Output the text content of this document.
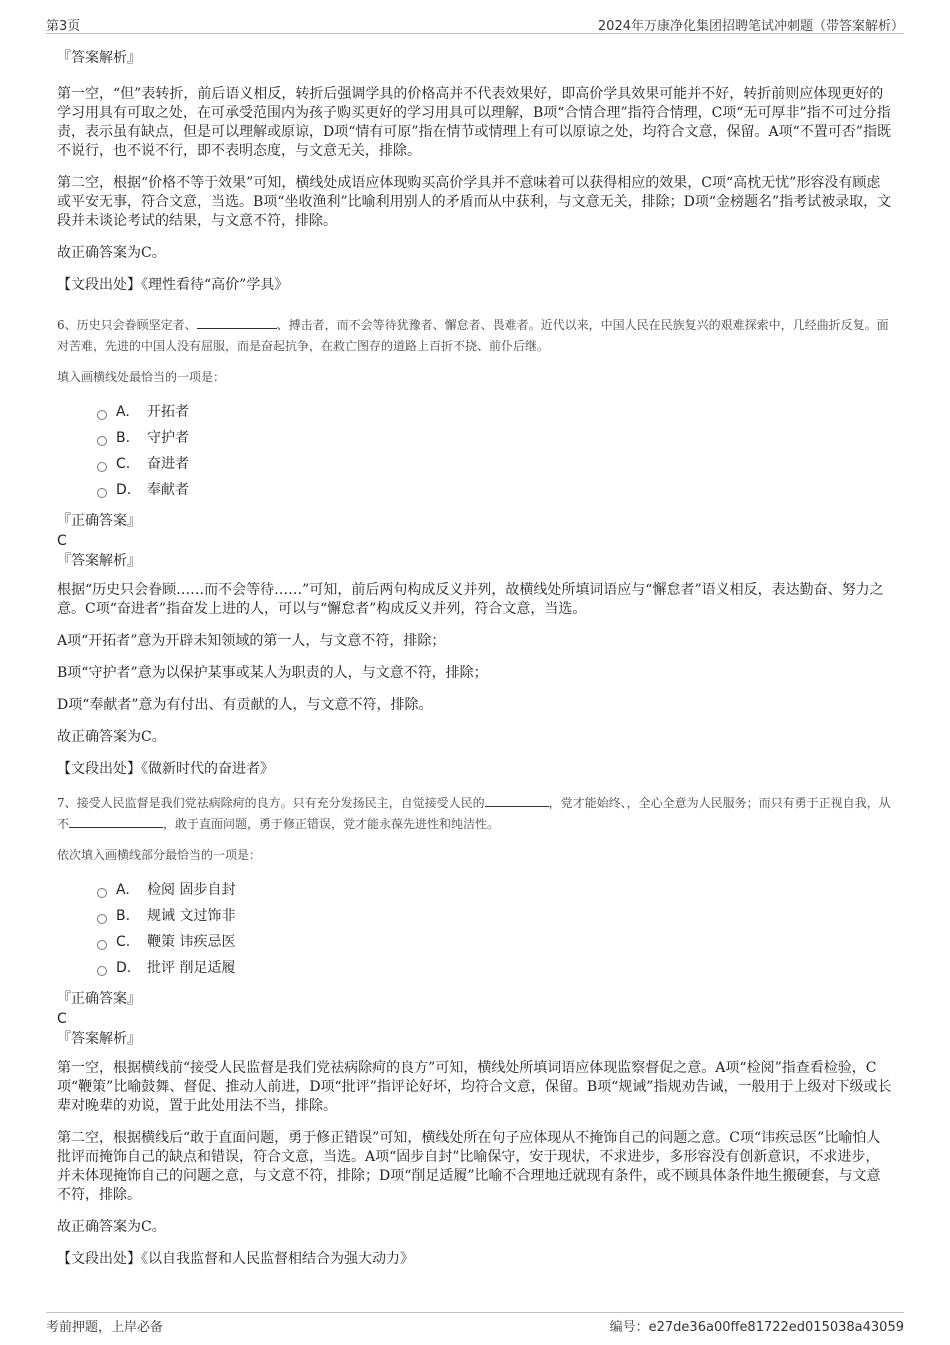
第3页	2024年万康净化集团招聘笔试冲刺题（带答案解析）

『答案解析』

第一空，“但”表转折，前后语义相反，转折后强调学具的价格高并不代表效果好，即高价学具效果可能并不好，转折前则应体现更好的学习用具有可取之处，在可承受范围内为孩子购买更好的学习用具可以理解，B项“合情合理”指符合情理，C项“无可厚非”指不可过分指责，表示虽有缺点，但是可以理解或原谅，D项“情有可原”指在情节或情理上有可以原谅之处，均符合文意，保留。A项“不置可否”指既不说行，也不说不行，即不表明态度，与文意无关，排除。

第二空，根据“价格不等于效果”可知，横线处成语应体现购买高价学具并不意味着可以获得相应的效果，C项“高枕无忧”形容没有顾虑或平安无事，符合文意，当选。B项“坐收渔利”比喻利用别人的矛盾而从中获利，与文意无关，排除；D项“金榜题名”指考试被录取，文段并未谈论考试的结果，与文意不符，排除。

故正确答案为C。

【文段出处】《理性看待“高价”学具》

6、历史只会眷顾坚定者、	、搏击者，而不会等待犹豫者、懈怠者、畏难者。近代以来，中国人民在民族复兴的艰难探索中，几经曲折反复。面对苦难，先进的中国人没有屈服，而是奋起抗争，在救亡图存的道路上百折不挠、前仆后继。

填入画横线处最恰当的一项是：

A.	开拓者
B.	守护者
C.	奋进者
D.	奉献者

『正确答案』

C

『答案解析』

根据“历史只会眷顾……而不会等待……”可知，前后两句构成反义并列，故横线处所填词语应与“懈怠者”语义相反，表达勤奋、努力之意。C项“奋进者”指奋发上进的人，可以与“懈怠者”构成反义并列，符合文意，当选。

A项“开拓者”意为开辟未知领域的第一人，与文意不符，排除；

B项“守护者”意为以保护某事或某人为职责的人，与文意不符，排除；

D项“奉献者”意为有付出、有贡献的人，与文意不符，排除。

故正确答案为C。

【文段出处】《做新时代的奋进者》

7、接受人民监督是我们党祛病除疴的良方。只有充分发扬民主，自觉接受人民的	，党才能始终、，全心全意为人民服务；而只有勇于正视自我，从不	，敢于直面问题，勇于修正错误，党才能永葆先进性和纯洁性。

依次填入画横线部分最恰当的一项是：

A.	检阅 固步自封
B.	规诫 文过饰非
C.	鞭策 讳疾忌医
D.	批评 削足适履

『正确答案』

C

『答案解析』

第一空，根据横线前“接受人民监督是我们党祛病除疴的良方”可知，横线处所填词语应体现监察督促之意。A项“检阅”指查看检验，C项“鞭策”比喻鼓舞、督促、推动人前进，D项“批评”指评论好坏，均符合文意，保留。B项“规诫”指规劝告诫，一般用于上级对下级或长辈对晚辈的劝说，置于此处用法不当，排除。

第二空，根据横线后“敢于直面问题，勇于修正错误”可知，横线处所在句子应体现从不掩饰自己的问题之意。C项“讳疾忌医”比喻怕人批评而掩饰自己的缺点和错误，符合文意，当选。A项“固步自封”比喻保守，安于现状，不求进步，多形容没有创新意识，不求进步，并未体现掩饰自己的问题之意，与文意不符，排除；D项“削足适履”比喻不合理地迁就现有条件，或不顾具体条件地生搬硬套，与文意不符，排除。

故正确答案为C。

【文段出处】《以自我监督和人民监督相结合为强大动力》

考前押题，上岸必备	编号：e27de36a00ffe81722ed015038a43059
